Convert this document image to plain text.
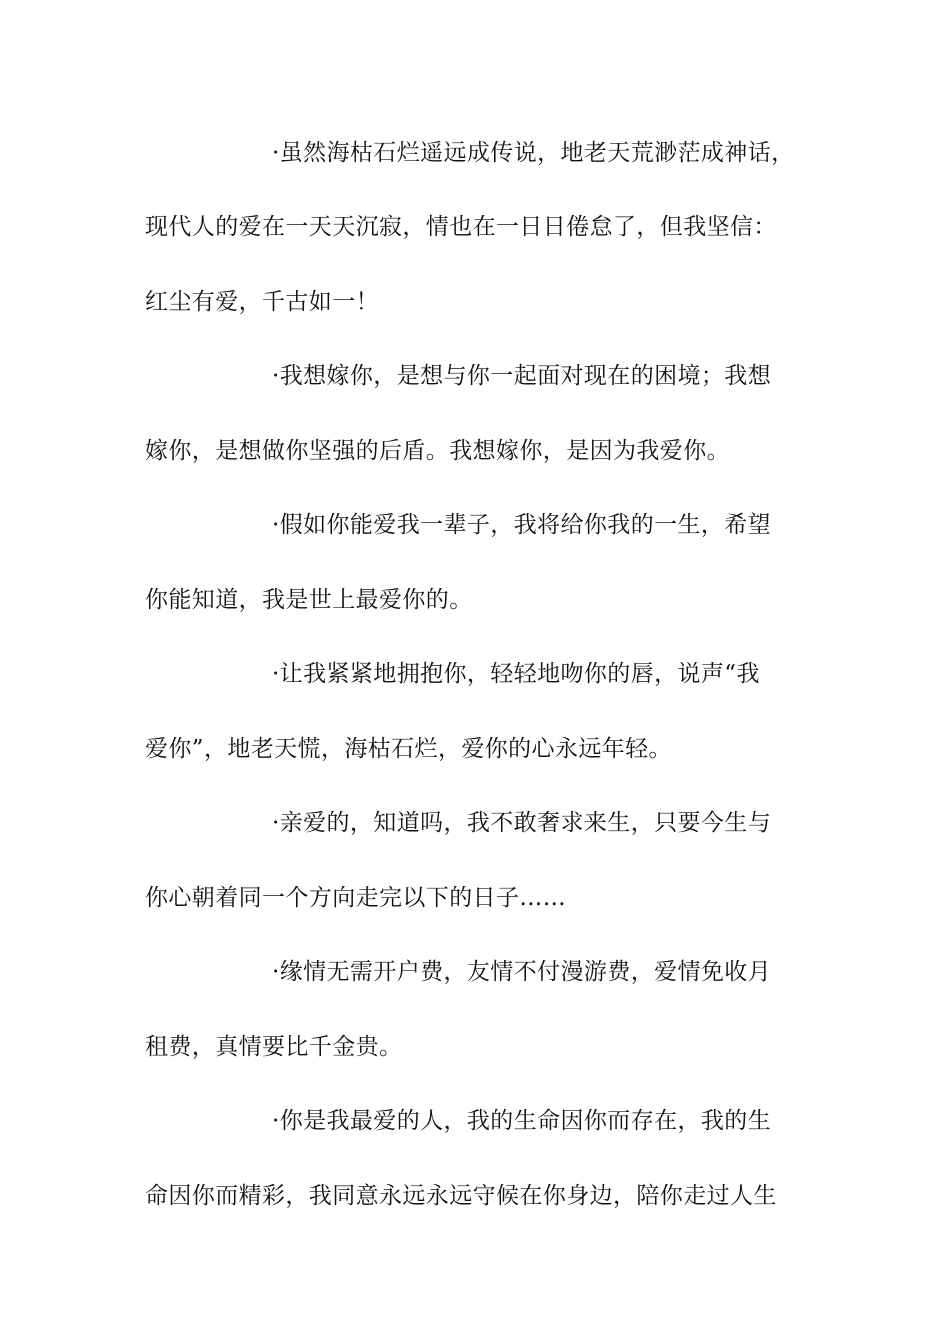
·虽然海枯石烂遥远成传说，地老天荒渺茫成神话，
现代人的爱在一天天沉寂，情也在一日日倦怠了，但我坚信：
红尘有爱，千古如一！
·我想嫁你，是想与你一起面对现在的困境；我想
嫁你，是想做你坚强的后盾。我想嫁你，是因为我爱你。
·假如你能爱我一辈子，我将给你我的一生，希望
你能知道，我是世上最爱你的。
·让我紧紧地拥抱你，轻轻地吻你的唇，说声“我
爱你”，地老天慌，海枯石烂，爱你的心永远年轻。
·亲爱的，知道吗，我不敢奢求来生，只要今生与
你心朝着同一个方向走完以下的日子……
·缘情无需开户费，友情不付漫游费，爱情免收月
租费，真情要比千金贵。
·你是我最爱的人，我的生命因你而存在，我的生
命因你而精彩，我同意永远永远守候在你身边，陪你走过人生
